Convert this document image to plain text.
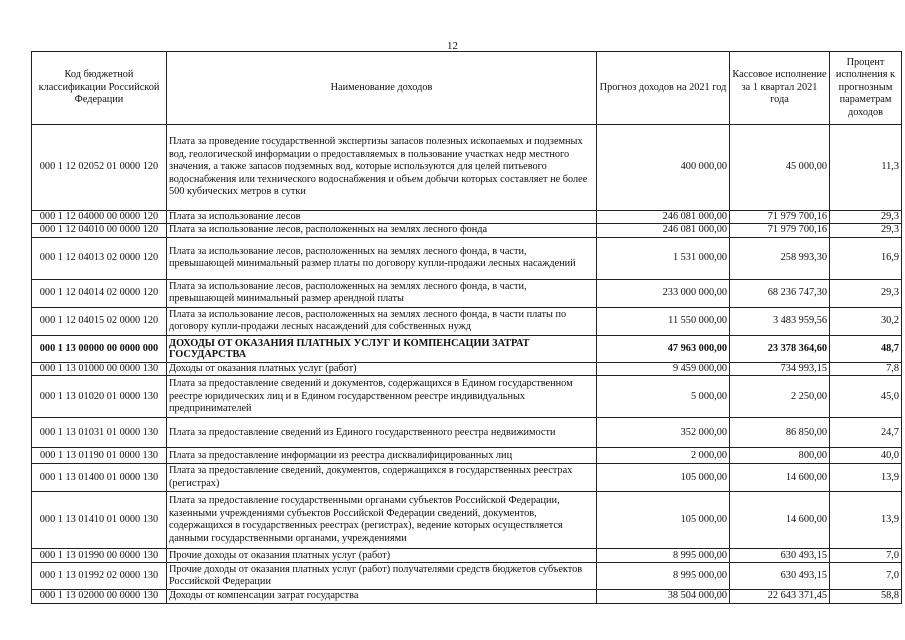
12
Код бюджетной классификации Российской Федерации	Наименование доходов	Прогноз доходов на 2021 год	Кассовое исполнение за 1 квартал 2021 года	Процент исполнения к прогнозным параметрам доходов
000 1 12 02052 01 0000 120	Плата за проведение государственной экспертизы запасов полезных ископаемых и подземных вод, геологической информации о предоставляемых в пользование участках недр местного значения, а также запасов подземных вод, которые используются для целей питьевого водоснабжения или технического водоснабжения и объем добычи которых составляет не более 500 кубических метров в сутки	400 000,00	45 000,00	11,3
000 1 12 04000 00 0000 120	Плата за использование лесов	246 081 000,00	71 979 700,16	29,3
000 1 12 04010 00 0000 120	Плата за использование лесов, расположенных на землях лесного фонда	246 081 000,00	71 979 700,16	29,3
000 1 12 04013 02 0000 120	Плата за использование лесов, расположенных на землях лесного фонда, в части, превышающей минимальный размер платы по договору купли-продажи лесных насаждений	1 531 000,00	258 993,30	16,9
000 1 12 04014 02 0000 120	Плата за использование лесов, расположенных на землях лесного фонда, в части, превышающей минимальный размер арендной платы	233 000 000,00	68 236 747,30	29,3
000 1 12 04015 02 0000 120	Плата за использование лесов, расположенных на землях лесного фонда, в части платы по договору купли-продажи лесных насаждений для собственных нужд	11 550 000,00	3 483 959,56	30,2
000 1 13 00000 00 0000 000	ДОХОДЫ ОТ ОКАЗАНИЯ ПЛАТНЫХ УСЛУГ И КОМПЕНСАЦИИ ЗАТРАТ ГОСУДАРСТВА	47 963 000,00	23 378 364,60	48,7
000 1 13 01000 00 0000 130	Доходы от оказания платных услуг (работ)	9 459 000,00	734 993,15	7,8
000 1 13 01020 01 0000 130	Плата за предоставление сведений и документов, содержащихся в Едином государственном реестре юридических лиц и в Едином государственном реестре индивидуальных предпринимателей	5 000,00	2 250,00	45,0
000 1 13 01031 01 0000 130	Плата за предоставление сведений из Единого государственного реестра недвижимости	352 000,00	86 850,00	24,7
000 1 13 01190 01 0000 130	Плата за предоставление информации из реестра дисквалифицированных лиц	2 000,00	800,00	40,0
000 1 13 01400 01 0000 130	Плата за предоставление сведений, документов, содержащихся в государственных реестрах (регистрах)	105 000,00	14 600,00	13,9
000 1 13 01410 01 0000 130	Плата за предоставление государственными органами субъектов Российской Федерации, казенными учреждениями субъектов Российской Федерации сведений, документов, содержащихся в государственных реестрах (регистрах), ведение которых осуществляется данными государственными органами, учреждениями	105 000,00	14 600,00	13,9
000 1 13 01990 00 0000 130	Прочие доходы от оказания платных услуг (работ)	8 995 000,00	630 493,15	7,0
000 1 13 01992 02 0000 130	Прочие доходы от оказания платных услуг (работ) получателями средств бюджетов субъектов Российской Федерации	8 995 000,00	630 493,15	7,0
000 1 13 02000 00 0000 130	Доходы от компенсации затрат государства	38 504 000,00	22 643 371,45	58,8
